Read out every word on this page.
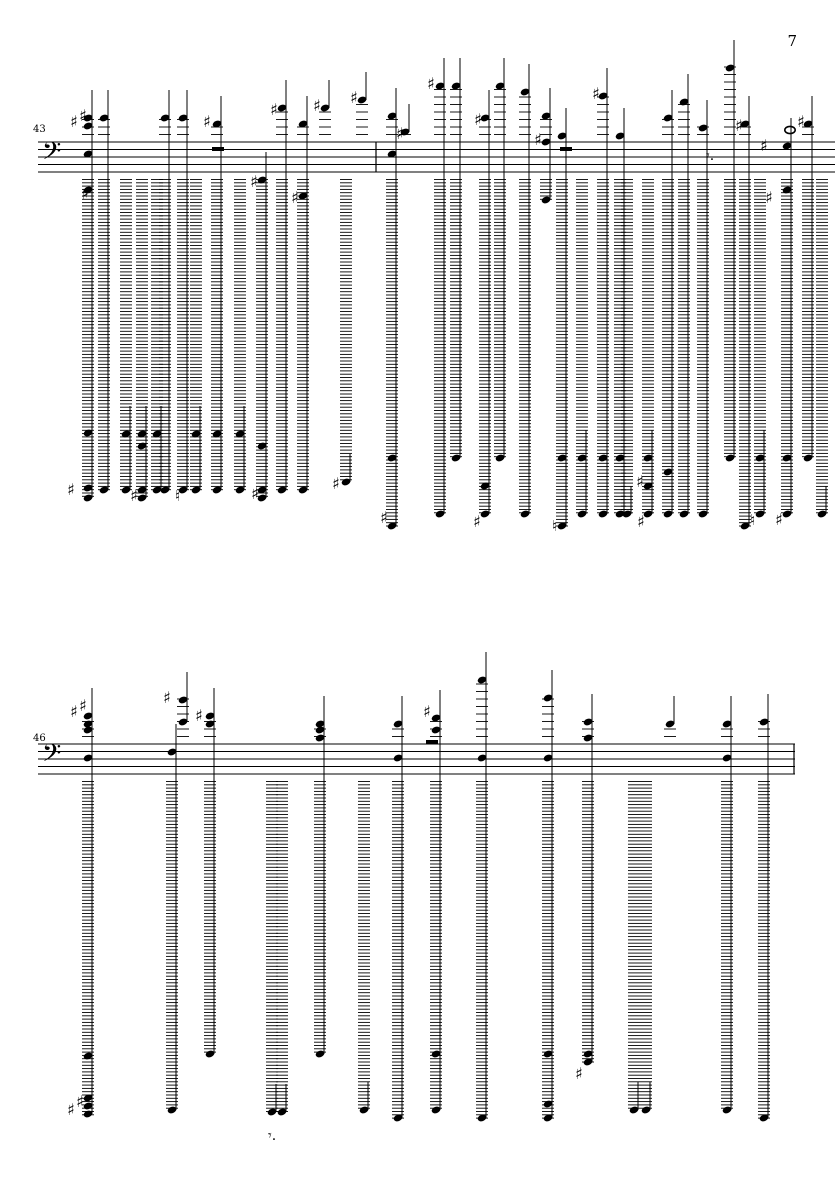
7
43
46
𝄢
♯ ♯
♯
♯	♯ ♮
♯
♯
♯
♯
♯
♯
♯
♯
♯
♯
♯
♯
♯
♯
♮
♯
♯
♯
♯
♮
♯
♯
♯
♯
𝄾.
𝄢
♯ ♯
♯ ♯
♯
♯	♯
♯
𝄾.
